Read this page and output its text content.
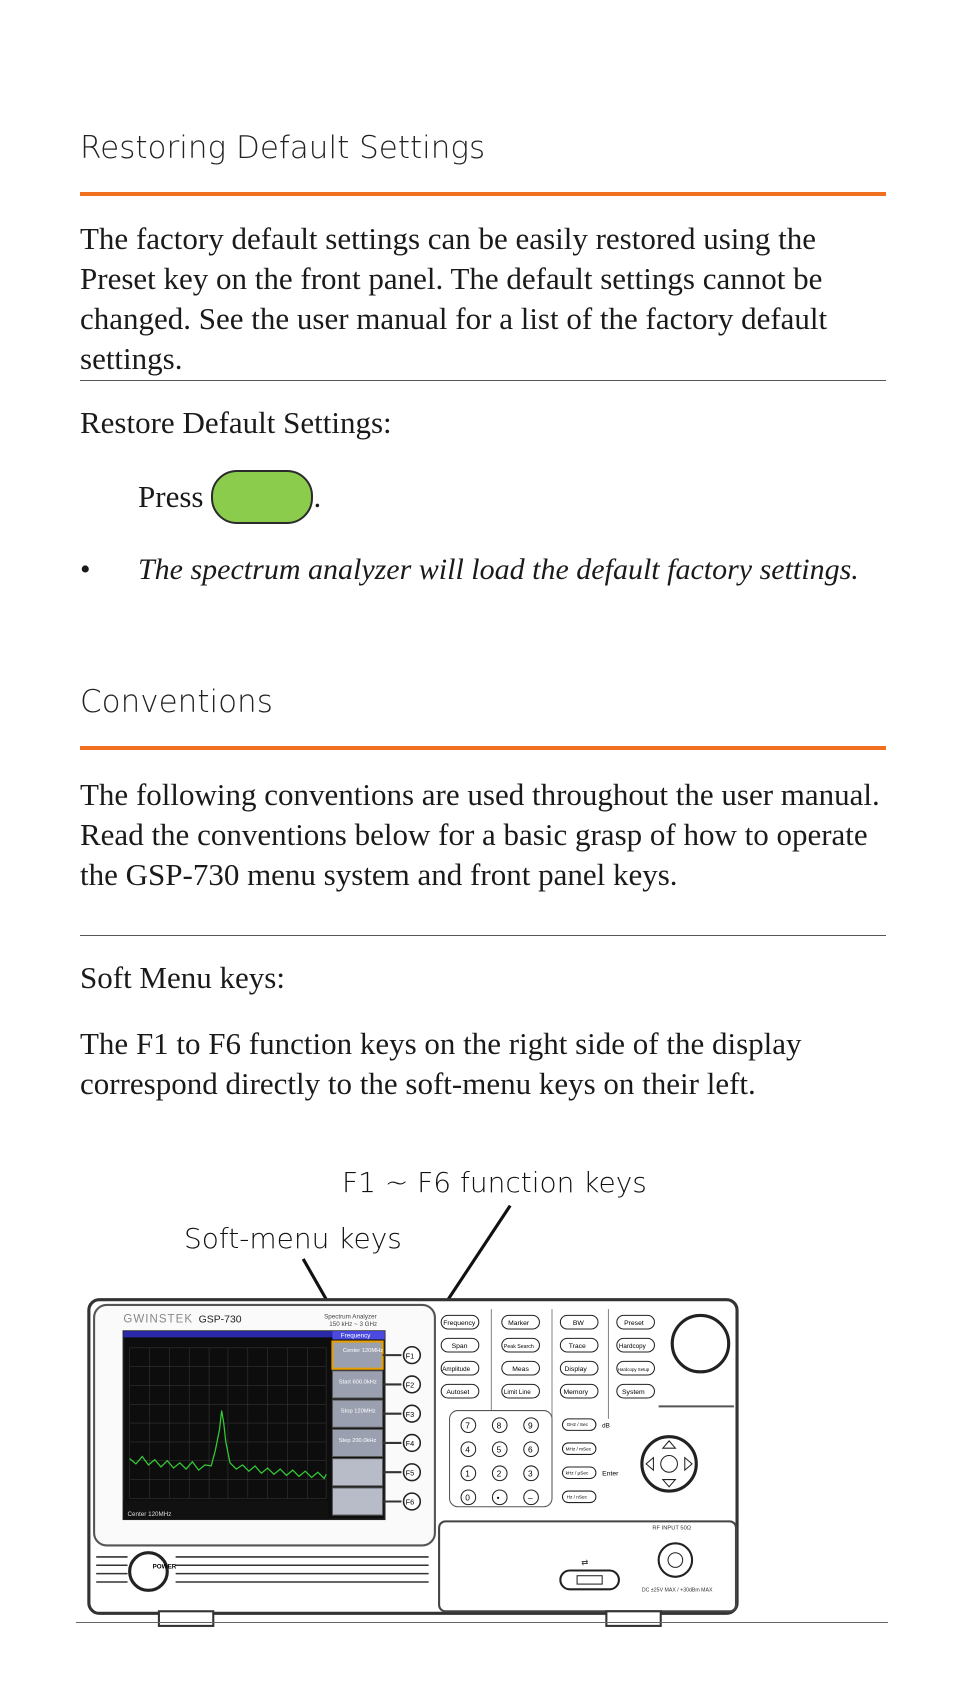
Restoring Default Settings

The factory default settings can be easily restored using the Preset key on the front panel. The default settings cannot be changed. See the user manual for a list of the factory default settings.

Restore Default Settings:

Press	.
• The spectrum analyzer will load the default factory settings.
Conventions

The following conventions are used throughout the user manual. Read the conventions below for a basic grasp of how to operate the GSP-730 menu system and front panel keys.

Soft Menu keys:

The F1 to F6 function keys on the right side of the display correspond directly to the soft-menu keys on their left.

F1 ~ F6 function keys
Soft-menu keys
GWINSTEK GSP-730	Spectrum Analyzer
150 kHz ~ 3 GHz
Frequency
Center 120MHz
Center 120MHz
Start 600.0kHz
Stop 120MHz
Step 200.0kHz
F1
F2
F3
F4
F5
F6
Frequency	Marker	BW	Preset
Span	Peak Search	Trace	Hardcopy
Amplitude	Meas	Display	Hardcopy Setup
Autoset	Limit Line	Memory	System
7	8	9
4	5	6
1	2	3
0	•	–
GHz / Sec dB
MHz / mSec
kHz / µSec Enter
Hz / nSec
⇄
RF INPUT 50Ω
DC ±25V MAX / +30dBm MAX
POWER
